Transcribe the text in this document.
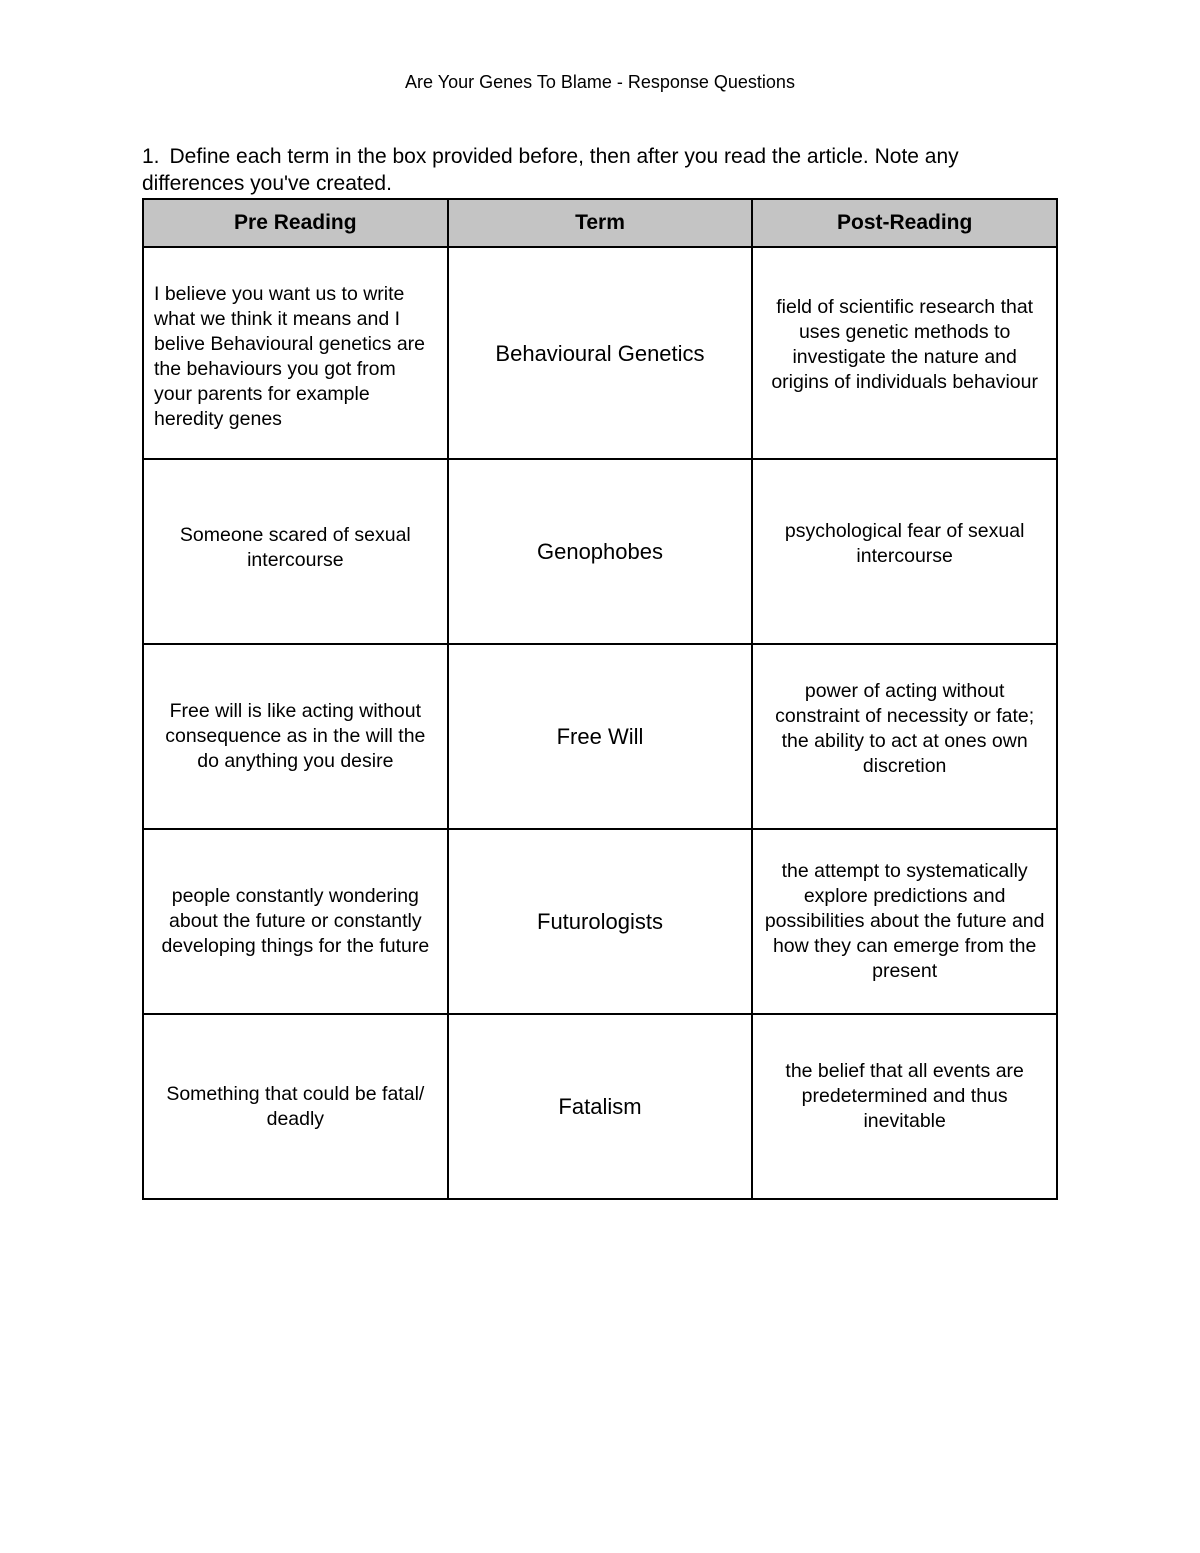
Are Your Genes To Blame - Response Questions
1. Define each term in the box provided before, then after you read the article. Note any differences you've created.
Pre Reading	Term	Post-Reading

I believe you want us to write what we think it means and I belive Behavioural genetics are the behaviours you got from your parents for example heredity genes	Behavioural Genetics	field of scientific research that uses genetic methods to investigate the nature and origins of individuals behaviour

Someone scared of sexual intercourse	Genophobes	psychological fear of sexual intercourse

Free will is like acting without consequence as in the will the do anything you desire	Free Will	power of acting without constraint of necessity or fate; the ability to act at ones own discretion

people constantly wondering about the future or constantly developing things for the future	Futurologists	the attempt to systematically explore predictions and possibilities about the future and how they can emerge from the present

Something that could be fatal/ deadly	Fatalism	the belief that all events are predetermined and thus inevitable
